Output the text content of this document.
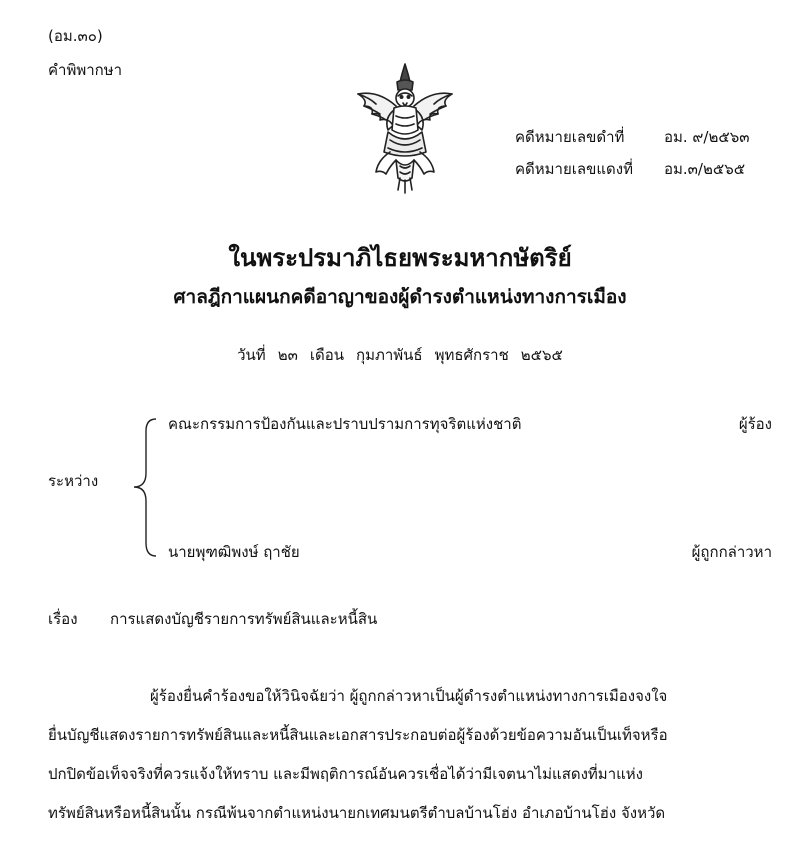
(อม.๓๐)
คำพิพากษา
คดีหมายเลขดำที่	อม. ๙/๒๕๖๓
คดีหมายเลขแดงที่ อม.๓/๒๕๖๕
ในพระปรมาภิไธยพระมหากษัตริย์
ศาลฎีกาแผนกคดีอาญาของผู้ดำรงตำแหน่งทางการเมือง
วันที่ ๒๓ เดือน กุมภาพันธ์ พุทธศักราช ๒๕๖๕
คณะกรรมการป้องกันและปราบปรามการทุจริตแห่งชาติ	ผู้ร้อง
ระหว่าง
นายพุฑฒิพงษ์ ฤาชัย	ผู้ถูกกล่าวหา
เรื่อง การแสดงบัญชีรายการทรัพย์สินและหนี้สิน
ผู้ร้องยื่นคำร้องขอให้วินิจฉัยว่า ผู้ถูกกล่าวหาเป็นผู้ดำรงตำแหน่งทางการเมืองจงใจ
ยื่นบัญชีแสดงรายการทรัพย์สินและหนี้สินและเอกสารประกอบต่อผู้ร้องด้วยข้อความอันเป็นเท็จหรือ
ปกปิดข้อเท็จจริงที่ควรแจ้งให้ทราบ และมีพฤติการณ์อันควรเชื่อได้ว่ามีเจตนาไม่แสดงที่มาแห่ง
ทรัพย์สินหรือหนี้สินนั้น กรณีพ้นจากตำแหน่งนายกเทศมนตรีตำบลบ้านโฮ่ง อำเภอบ้านโฮ่ง จังหวัด
